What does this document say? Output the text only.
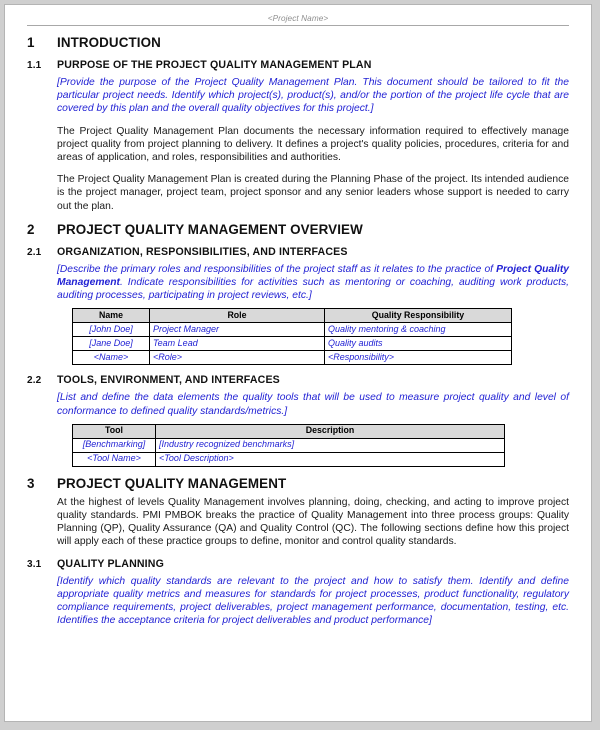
<Project Name>
1	INTRODUCTION
1.1	PURPOSE OF THE PROJECT QUALITY MANAGEMENT PLAN

[Provide the purpose of the Project Quality Management Plan. This document should be tailored to fit the particular project needs. Identify which project(s), product(s), and/or the portion of the project life cycle that are covered by this plan and the overall quality objectives for this project.]

The Project Quality Management Plan documents the necessary information required to effectively manage project quality from project planning to delivery. It defines a project's quality policies, procedures, criteria for and areas of application, and roles, responsibilities and authorities.

The Project Quality Management Plan is created during the Planning Phase of the project. Its intended audience is the project manager, project team, project sponsor and any senior leaders whose support is needed to carry out the plan.

2	PROJECT QUALITY MANAGEMENT OVERVIEW
2.1	ORGANIZATION, RESPONSIBILITIES, AND INTERFACES

[Describe the primary roles and responsibilities of the project staff as it relates to the practice of Project Quality Management. Indicate responsibilities for activities such as mentoring or coaching, auditing work products, auditing processes, participating in project reviews, etc.]

Name	Role	Quality Responsibility
[John Doe]	Project Manager	Quality mentoring & coaching
[Jane Doe]	Team Lead	Quality audits
<Name>	<Role>	<Responsibility>
2.2	TOOLS, ENVIRONMENT, AND INTERFACES

[List and define the data elements the quality tools that will be used to measure project quality and level of conformance to defined quality standards/metrics.]

Tool	Description
[Benchmarking]	[Industry recognized benchmarks]
<Tool Name>	<Tool Description>
3	PROJECT QUALITY MANAGEMENT

At the highest of levels Quality Management involves planning, doing, checking, and acting to improve project quality standards. PMI PMBOK breaks the practice of Quality Management into three process groups: Quality Planning (QP), Quality Assurance (QA) and Quality Control (QC). The following sections define how this project will apply each of these practice groups to define, monitor and control quality standards.

3.1	QUALITY PLANNING

[Identify which quality standards are relevant to the project and how to satisfy them. Identify and define appropriate quality metrics and measures for standards for project processes, product functionality, regulatory compliance requirements, project deliverables, project management performance, documentation, testing, etc. Identifies the acceptance criteria for project deliverables and product performance]
